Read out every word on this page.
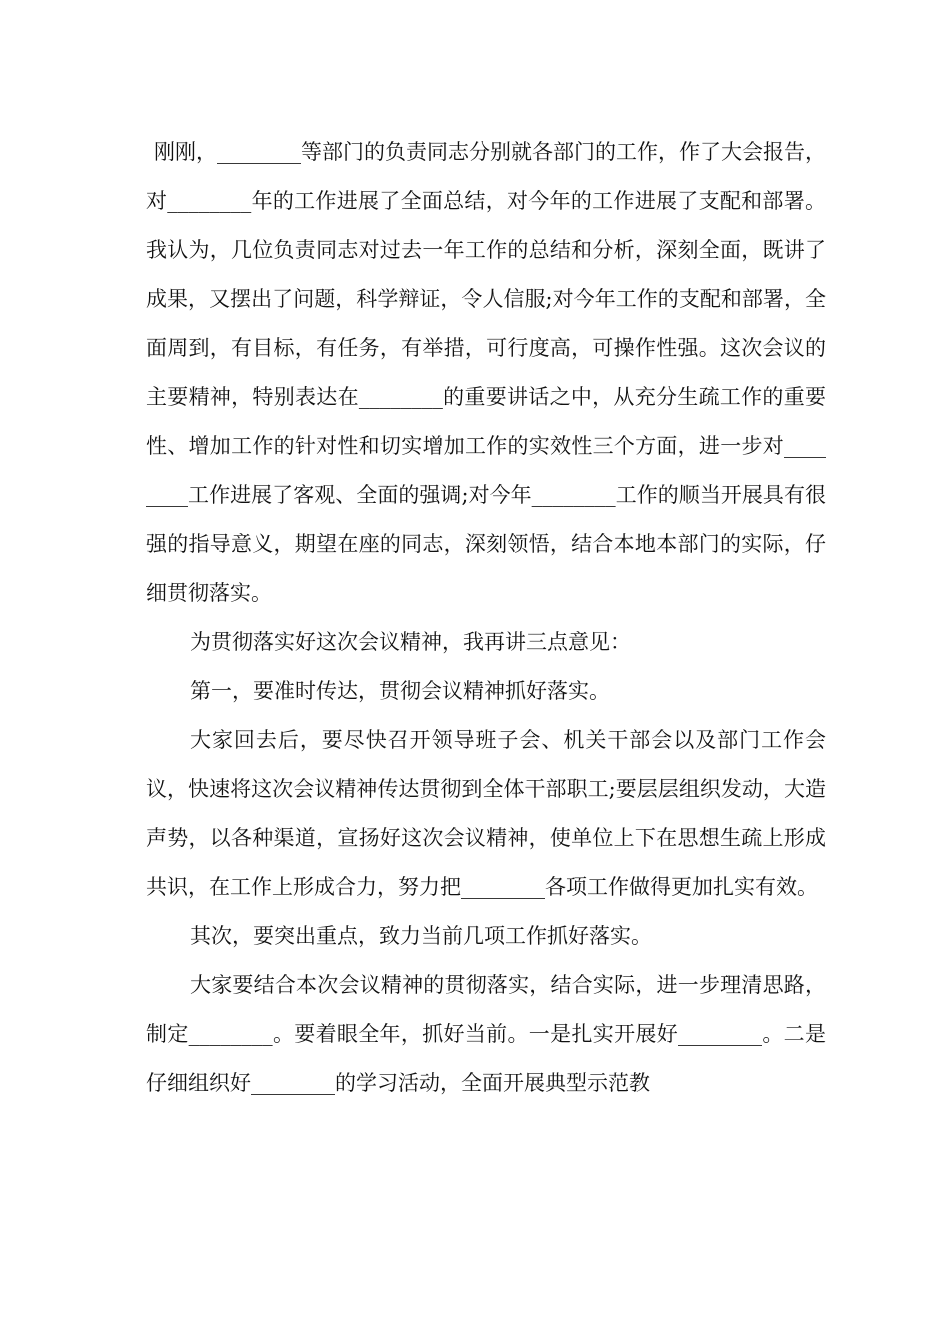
刚刚，________等部门的负责同志分别就各部门的工作，作了大会报告，对________年的工作进展了全面总结，对今年的工作进展了支配和部署。我认为，几位负责同志对过去一年工作的总结和分析，深刻全面，既讲了成果，又摆出了问题，科学辩证，令人信服;对今年工作的支配和部署，全面周到，有目标，有任务，有举措，可行度高，可操作性强。这次会议的主要精神，特别表达在________的重要讲话之中，从充分生疏工作的重要性、增加工作的针对性和切实增加工作的实效性三个方面，进一步对________工作进展了客观、全面的强调;对今年________工作的顺当开展具有很强的指导意义，期望在座的同志，深刻领悟，结合本地本部门的实际，仔细贯彻落实。

为贯彻落实好这次会议精神，我再讲三点意见：

第一，要准时传达，贯彻会议精神抓好落实。

大家回去后，要尽快召开领导班子会、机关干部会以及部门工作会议，快速将这次会议精神传达贯彻到全体干部职工;要层层组织发动，大造声势，以各种渠道，宣扬好这次会议精神，使单位上下在思想生疏上形成共识，在工作上形成合力，努力把________各项工作做得更加扎实有效。

其次，要突出重点，致力当前几项工作抓好落实。

大家要结合本次会议精神的贯彻落实，结合实际，进一步理清思路，制定________。要着眼全年，抓好当前。一是扎实开展好________。二是仔细组织好________的学习活动，全面开展典型示范教
